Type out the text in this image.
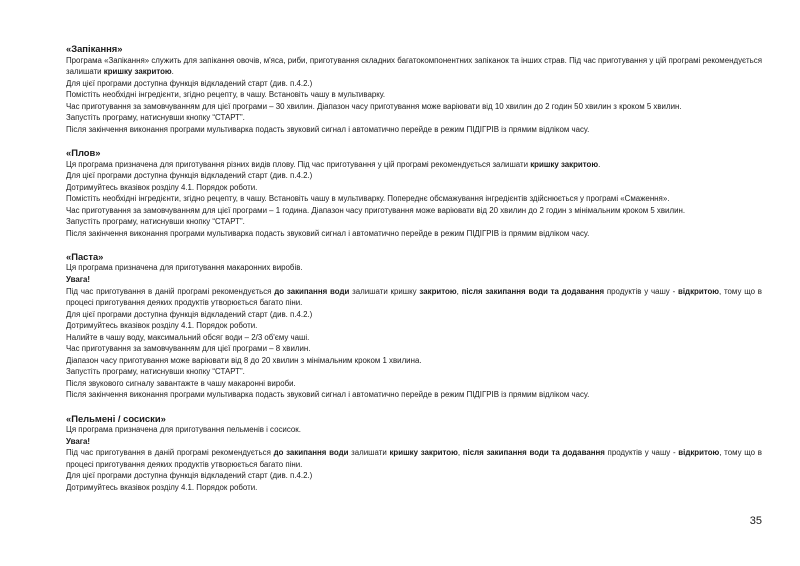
«Запікання»

Програма «Запікання» служить для запікання овочів, м'яса, риби, приготування складних багатокомпонентних запіканок та інших страв. Під час приготування у цій програмі рекомендується залишати кришку закритою.

Для цієї програми доступна функція відкладений старт (див. п.4.2.)

Помістіть необхідні інгредієнти, згідно рецепту, в чашу. Встановіть чашу в мультиварку.

Час приготування за замовчуванням для цієї програми – 30 хвилин. Діапазон часу приготування може варіювати від 10 хвилин до 2 годин 50 хвилин з кроком 5 хвилин.

Запустіть програму, натиснувши кнопку “СТАРТ”.

Після закінчення виконання програми мультиварка подасть звуковий сигнал і автоматично перейде в режим ПІДІГРІВ із прямим відліком часу.

«Плов»

Ця програма призначена для приготування різних видів плову. Під час приготування у цій програмі рекомендується залишати кришку закритою.

Для цієї програми доступна функція відкладений старт (див. п.4.2.)

Дотримуйтесь вказівок розділу 4.1. Порядок роботи.

Помістіть необхідні інгредієнти, згідно рецепту, в чашу. Встановіть чашу в мультиварку. Попереднє обсмажування інгредієнтів здійснюється у програмі «Смаження».

Час приготування за замовчуванням для цієї програми – 1 година. Діапазон часу приготування може варіювати від 20 хвилин до 2 годин з мінімальним кроком 5 хвилин.

Запустіть програму, натиснувши кнопку “СТАРТ”.

Після закінчення виконання програми мультиварка подасть звуковий сигнал і автоматично перейде в режим ПІДІГРІВ із прямим відліком часу.

«Паста»

Ця програма призначена для приготування макаронних виробів.

Увага!

Під час приготування в даній програмі рекомендується до закипання води залишати кришку закритою, після закипання води та додавання продуктів у чашу - відкритою, тому що в процесі приготування деяких продуктів утворюється багато піни.

Для цієї програми доступна функція відкладений старт (див. п.4.2.)

Дотримуйтесь вказівок розділу 4.1. Порядок роботи.

Налийте в чашу воду, максимальний обсяг води – 2/3 об'єму чаші.

Час приготування за замовчуванням для цієї програми – 8 хвилин.

Діапазон часу приготування може варіювати від 8 до 20 хвилин з мінімальним кроком 1 хвилина.

Запустіть програму, натиснувши кнопку “СТАРТ”.

Після звукового сигналу завантажте в чашу макаронні вироби.

Після закінчення виконання програми мультиварка подасть звуковий сигнал і автоматично перейде в режим ПІДІГРІВ із прямим відліком часу.

«Пельмені / сосиски»

Ця програма призначена для приготування пельменів і сосисок.

Увага!

Під час приготування в даній програмі рекомендується до закипання води залишати кришку закритою, після закипання води та додавання продуктів у чашу - відкритою, тому що в процесі приготування деяких продуктів утворюється багато піни.

Для цієї програми доступна функція відкладений старт (див. п.4.2.)

Дотримуйтесь вказівок розділу 4.1. Порядок роботи.

35
